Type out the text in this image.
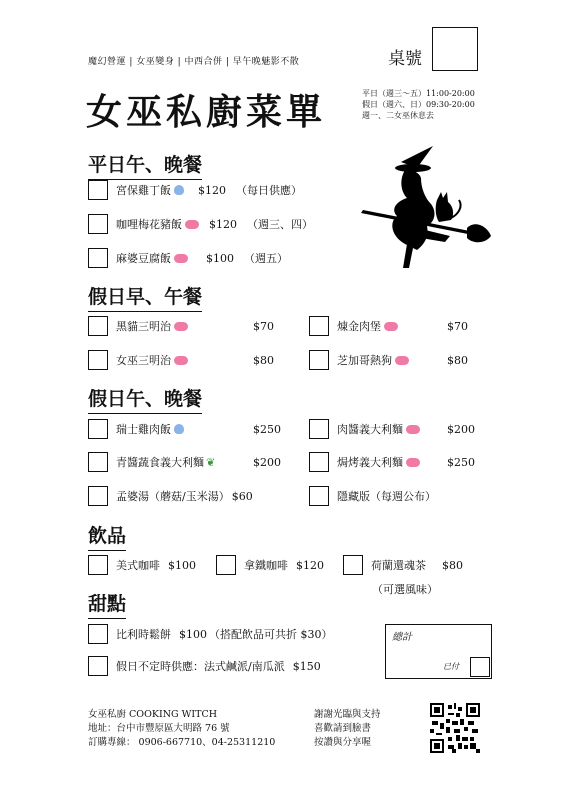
魔幻營運 | 女巫變身 | 中西合併 | 早午晚魅影不散
女巫私廚菜單
桌號
平日（週三～五）11:00-20:00
假日（週六、日）09:30-20:00
週一、二女巫休息去
平日午、晚餐
宮保雞丁飯 $120 （每日供應）
咖哩梅花豬飯 $120 （週三、四）
麻婆豆腐飯	$100 （週五）
假日早、午餐
黑貓三明治	$70	煉金肉堡	$70
女巫三明治	$80	芝加哥熱狗	$80
假日午、晚餐
瑞士雞肉飯	$250	肉醬義大利麵	$200
青醬蔬食義大利麵 ❦	$200	焗烤義大利麵	$250
孟婆湯（蘑菇/玉米湯） $60	隱藏版（每週公布）
飲品
美式咖啡 $100	拿鐵咖啡 $120	荷蘭還魂茶 $80
（可選風味）
甜點
比利時鬆餅 $100 （搭配飲品可共折 $30）
假日不定時供應：法式鹹派/南瓜派 $150
總計
已付
女巫私廚 COOKING WITCH
地址：台中市豐原區大明路 76 號
訂購專線： 0906-667710、04-25311210
謝謝光臨與支持
喜歡請到臉書
按讚與分享喔
